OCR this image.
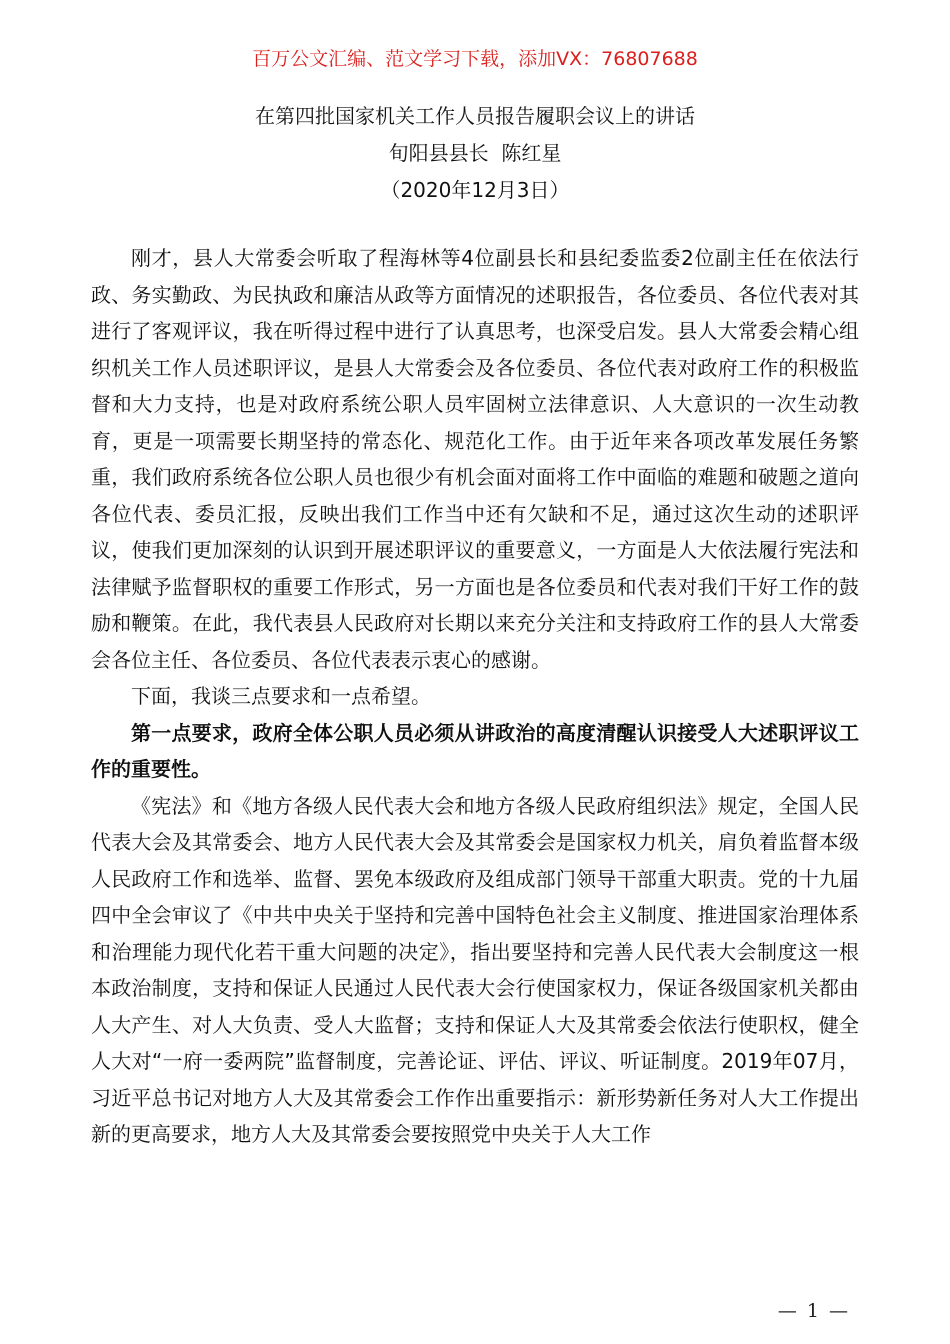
百万公文汇编、范文学习下载，添加VX：76807688
在第四批国家机关工作人员报告履职会议上的讲话
旬阳县县长  陈红星
（2020年12月3日）

刚才，县人大常委会听取了程海林等4位副县长和县纪委监委2位副主任在依法行政、务实勤政、为民执政和廉洁从政等方面情况的述职报告，各位委员、各位代表对其进行了客观评议，我在听得过程中进行了认真思考，也深受启发。县人大常委会精心组织机关工作人员述职评议，是县人大常委会及各位委员、各位代表对政府工作的积极监督和大力支持，也是对政府系统公职人员牢固树立法律意识、人大意识的一次生动教育，更是一项需要长期坚持的常态化、规范化工作。由于近年来各项改革发展任务繁重，我们政府系统各位公职人员也很少有机会面对面将工作中面临的难题和破题之道向各位代表、委员汇报，反映出我们工作当中还有欠缺和不足，通过这次生动的述职评议，使我们更加深刻的认识到开展述职评议的重要意义，一方面是人大依法履行宪法和法律赋予监督职权的重要工作形式，另一方面也是各位委员和代表对我们干好工作的鼓励和鞭策。在此，我代表县人民政府对长期以来充分关注和支持政府工作的县人大常委会各位主任、各位委员、各位代表表示衷心的感谢。

下面，我谈三点要求和一点希望。

第一点要求，政府全体公职人员必须从讲政治的高度清醒认识接受人大述职评议工作的重要性。

《宪法》和《地方各级人民代表大会和地方各级人民政府组织法》规定，全国人民代表大会及其常委会、地方人民代表大会及其常委会是国家权力机关，肩负着监督本级人民政府工作和选举、监督、罢免本级政府及组成部门领导干部重大职责。党的十九届四中全会审议了《中共中央关于坚持和完善中国特色社会主义制度、推进国家治理体系和治理能力现代化若干重大问题的决定》，指出要坚持和完善人民代表大会制度这一根本政治制度，支持和保证人民通过人民代表大会行使国家权力，保证各级国家机关都由人大产生、对人大负责、受人大监督；支持和保证人大及其常委会依法行使职权，健全人大对“一府一委两院”监督制度，完善论证、评估、评议、听证制度。2019年07月，习近平总书记对地方人大及其常委会工作作出重要指示：新形势新任务对人大工作提出新的更高要求，地方人大及其常委会要按照党中央关于人大工作

— 1 —
